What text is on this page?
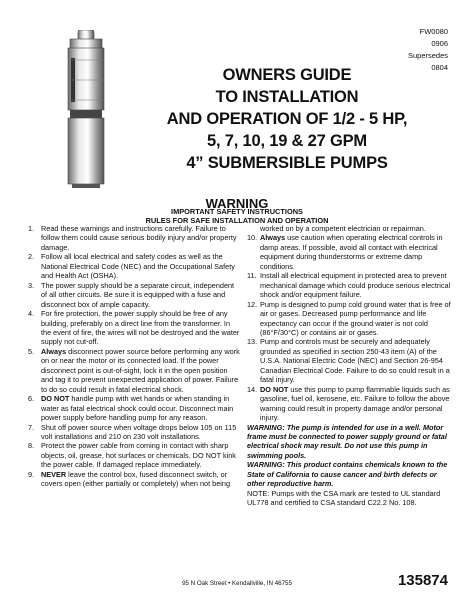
FW0080
0906
Supersedes
0804
OWNERS GUIDE
TO INSTALLATION
AND OPERATION OF 1/2 - 5 HP,
5, 7, 10, 19 & 27 GPM
4” SUBMERSIBLE PUMPS
WARNING
IMPORTANT SAFETY INSTRUCTIONS
RULES FOR SAFE INSTALLATION AND OPERATION

1. Read these warnings and instructions carefully. Failure to follow them could cause serious bodily injury and/or property damage.

2. Follow all local electrical and safety codes as well as the National Electrical Code (NEC) and the Occupational Safety and Health Act (OSHA).

3. The power supply should be a separate circuit, independent of all other circuits. Be sure it is equipped with a fuse and disconnect box of ample capacity.

4. For fire protection, the power supply should be free of any building, preferably on a direct line from the transformer. In the event of fire, the wires will not be destroyed and the water supply not cut-off.

5. Always disconnect power source before performing any work on or near the motor or its connected load. If the power disconnect point is out-of-sight, lock it in the open position and tag it to prevent unexpected application of power. Failure to do so could result in fatal electrical shock.

6. DO NOT handle pump with wet hands or when standing in water as fatal electrical shock could occur. Disconnect main power supply before handling pump for any reason.

7. Shut off power source when voltage drops below 105 on 115 volt installations and 210 on 230 volt installations.

8. Protect the power cable from coming in contact with sharp objects, oil, grease, hot surfaces or chemicals. DO NOT kink the power cable. If damaged replace immediately.

9. NEVER leave the control box, fused disconnect switch, or covers open (either partially or completely) when not being

worked on by a competent electrician or repairman.

10. Always use caution when operating electrical controls in damp areas. If possible, avoid all contact with electrical equipment during thunderstorms or extreme damp conditions.

11. Install all electrical equipment in protected area to prevent mechanical damage which could produce serious electrical shock and/or equipment failure.

12. Pump is designed to pump cold ground water that is free of air or gases. Decreased pump performance and life expectancy can occur if the ground water is not cold (86°F/30°C) or contains air or gases.

13. Pump and controls must be securely and adequately grounded as specified in section 250-43 item (A) of the U.S.A. National Electric Code (NEC) and Section 26-954 Canadian Electrical Code. Failure to do so could result in a fatal injury.

14. DO NOT use this pump to pump flammable liquids such as gasoline, fuel oil, kerosene, etc. Failure to follow the above warning could result in property damage and/or personal injury.

WARNING: The pump is intended for use in a well. Motor frame must be connected to power supply ground or fatal electrical shock may result. Do not use this pump in swimming pools.

WARNING: This product contains chemicals known to the State of California to cause cancer and birth defects or other reproductive harm.

NOTE: Pumps with the CSA mark are tested to UL standard UL778 and certified to CSA standard C22.2 No. 108.

95 N Oak Street • Kendallville, IN 46755	135874
